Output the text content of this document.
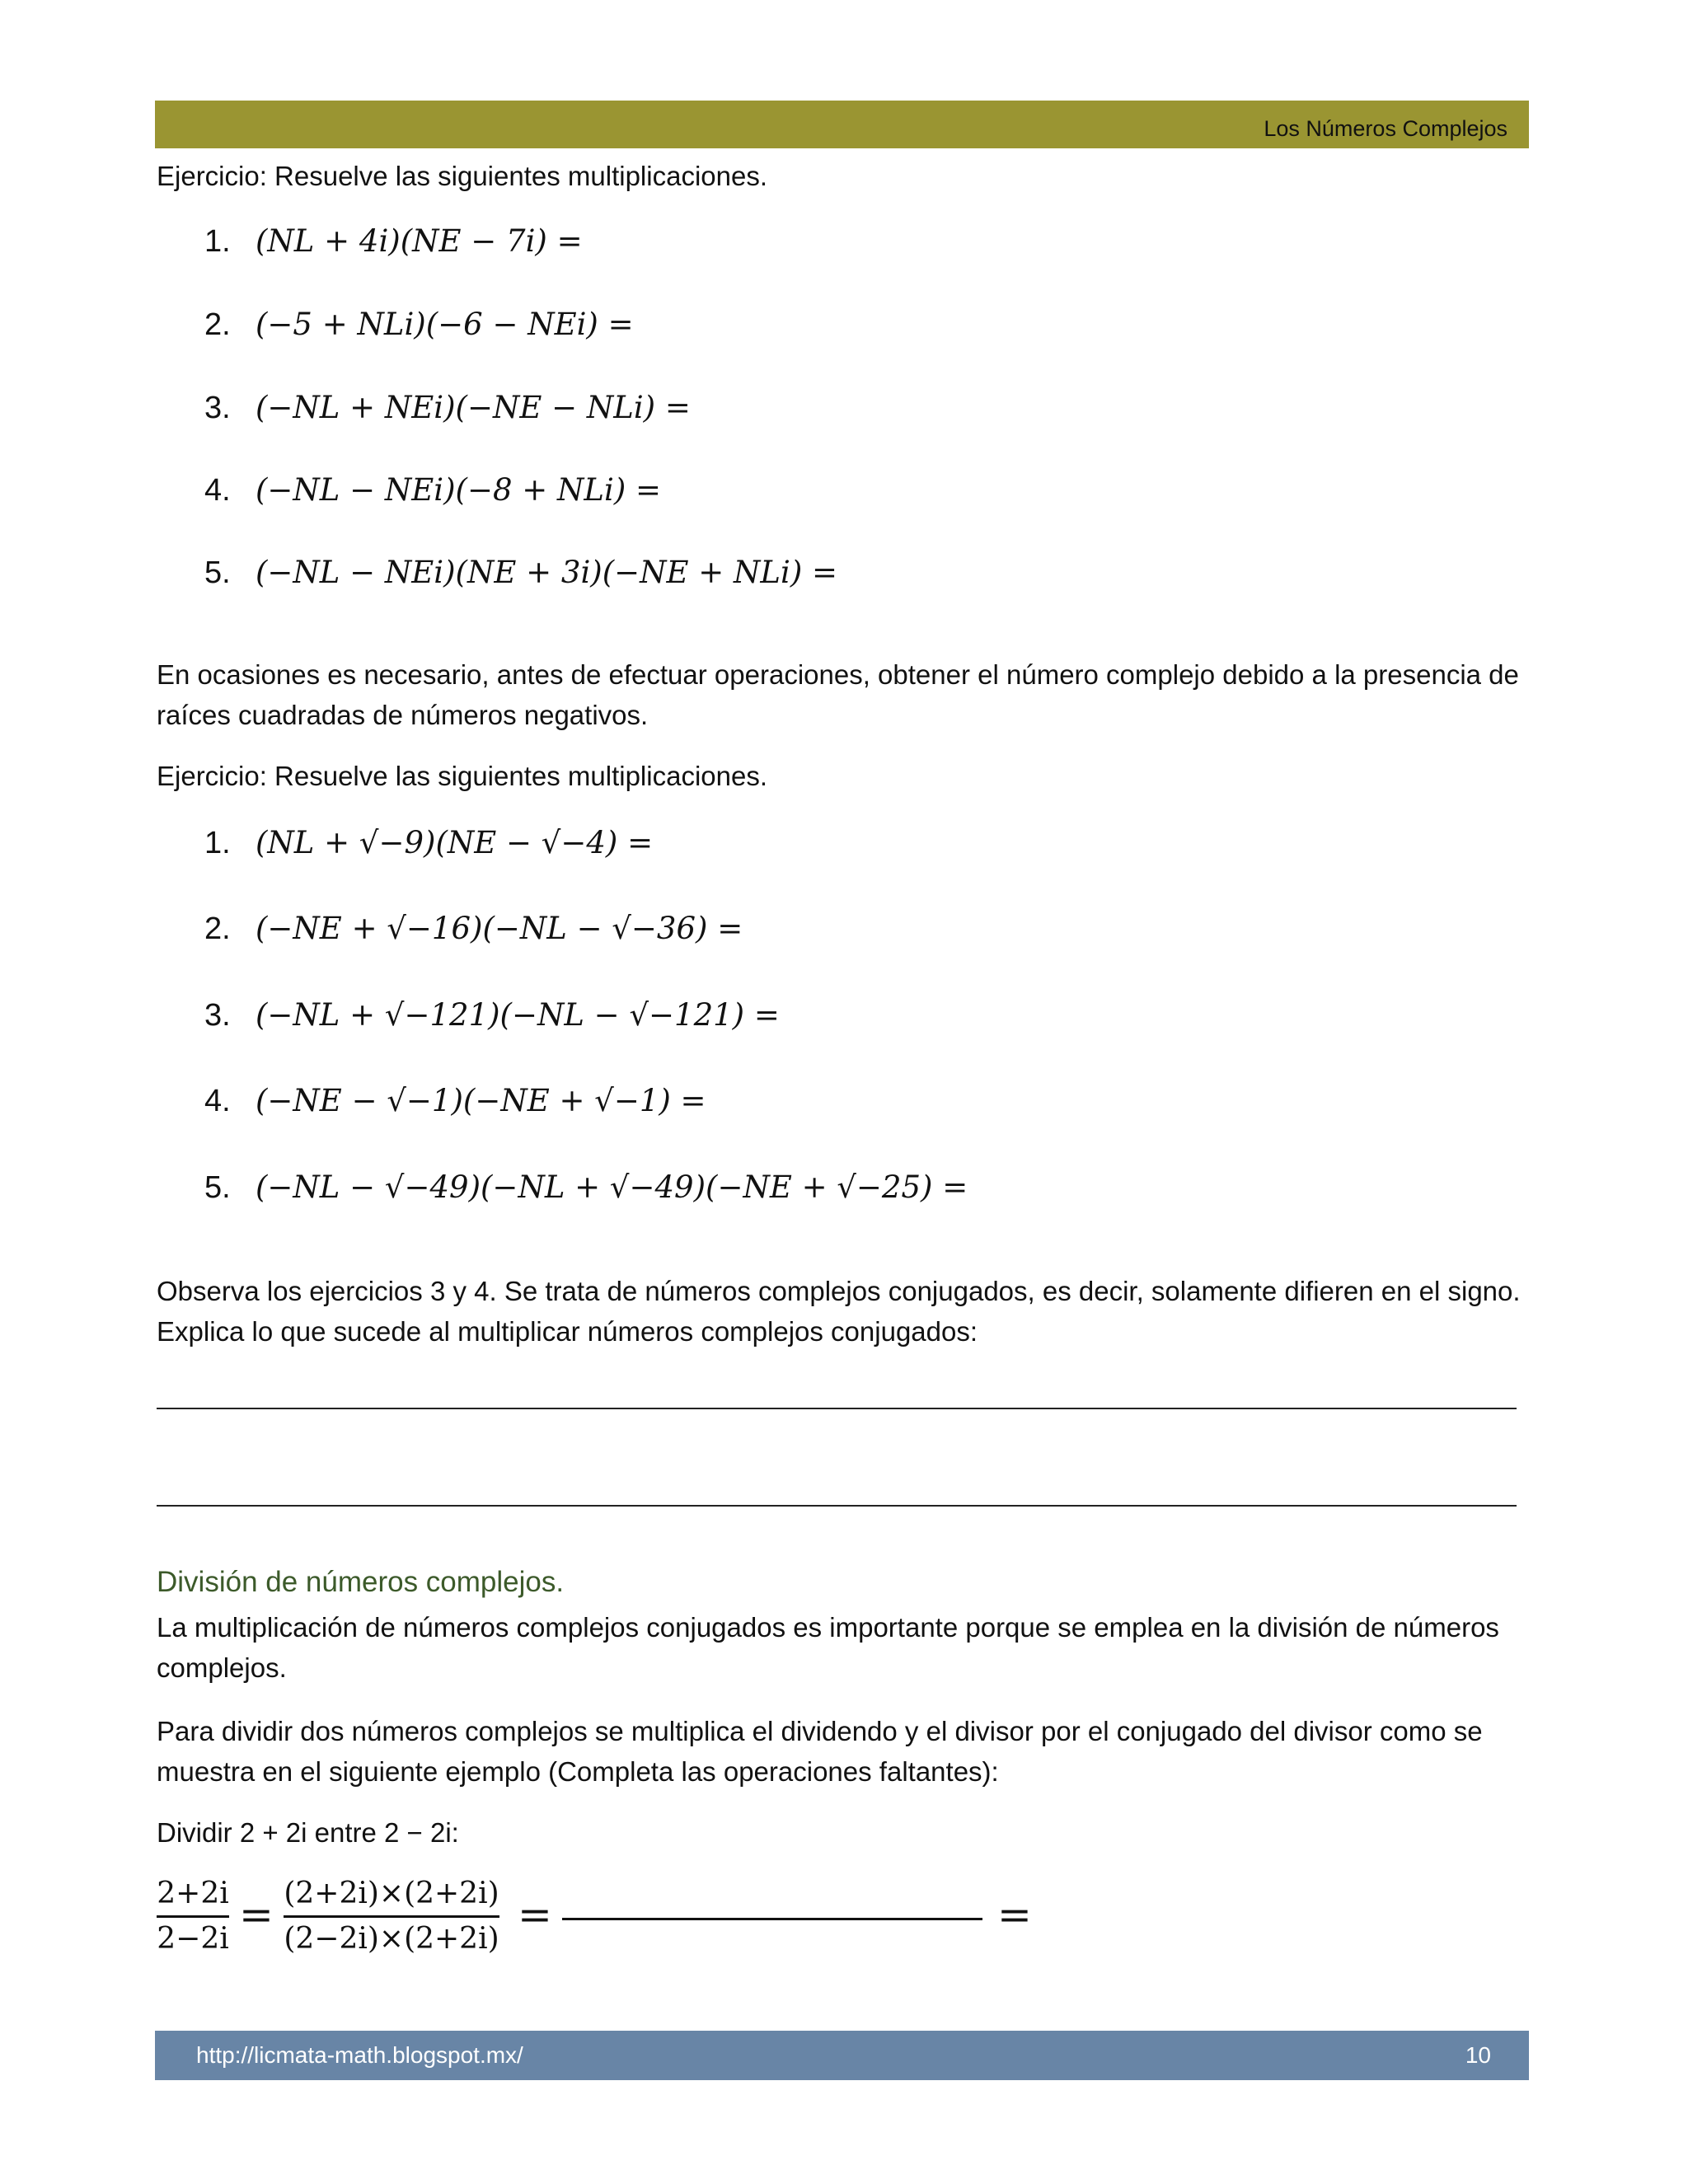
Los Números Complejos

Ejercicio: Resuelve las siguientes multiplicaciones.

1. (NL + 4i)(NE − 7i) =
2. (−5 + NLi)(−6 − NEi) =
3. (−NL + NEi)(−NE − NLi) =
4. (−NL − NEi)(−8 + NLi) =
5. (−NL − NEi)(NE + 3i)(−NE + NLi) =

En ocasiones es necesario, antes de efectuar operaciones, obtener el número complejo debido a la presencia de raíces cuadradas de números negativos.

Ejercicio: Resuelve las siguientes multiplicaciones.

1. (NL + √−9)(NE − √−4) =
2. (−NE + √−16)(−NL − √−36) =
3. (−NL + √−121)(−NL − √−121) =
4. (−NE − √−1)(−NE + √−1) =
5. (−NL − √−49)(−NL + √−49)(−NE + √−25) =

Observa los ejercicios 3 y 4. Se trata de números complejos conjugados, es decir, solamente difieren en el signo. Explica lo que sucede al multiplicar números complejos conjugados:

División de números complejos.

La multiplicación de números complejos conjugados es importante porque se emplea en la división de números complejos.

Para dividir dos números complejos se multiplica el dividendo y el divisor por el conjugado del divisor como se muestra en el siguiente ejemplo (Completa las operaciones faltantes):

Dividir 2 + 2i entre 2 − 2i:

2+2i
2−2i
= (2+2i)×(2+2i)
(2−2i)×(2+2i)
=	=
http://licmata-math.blogspot.mx/	10
